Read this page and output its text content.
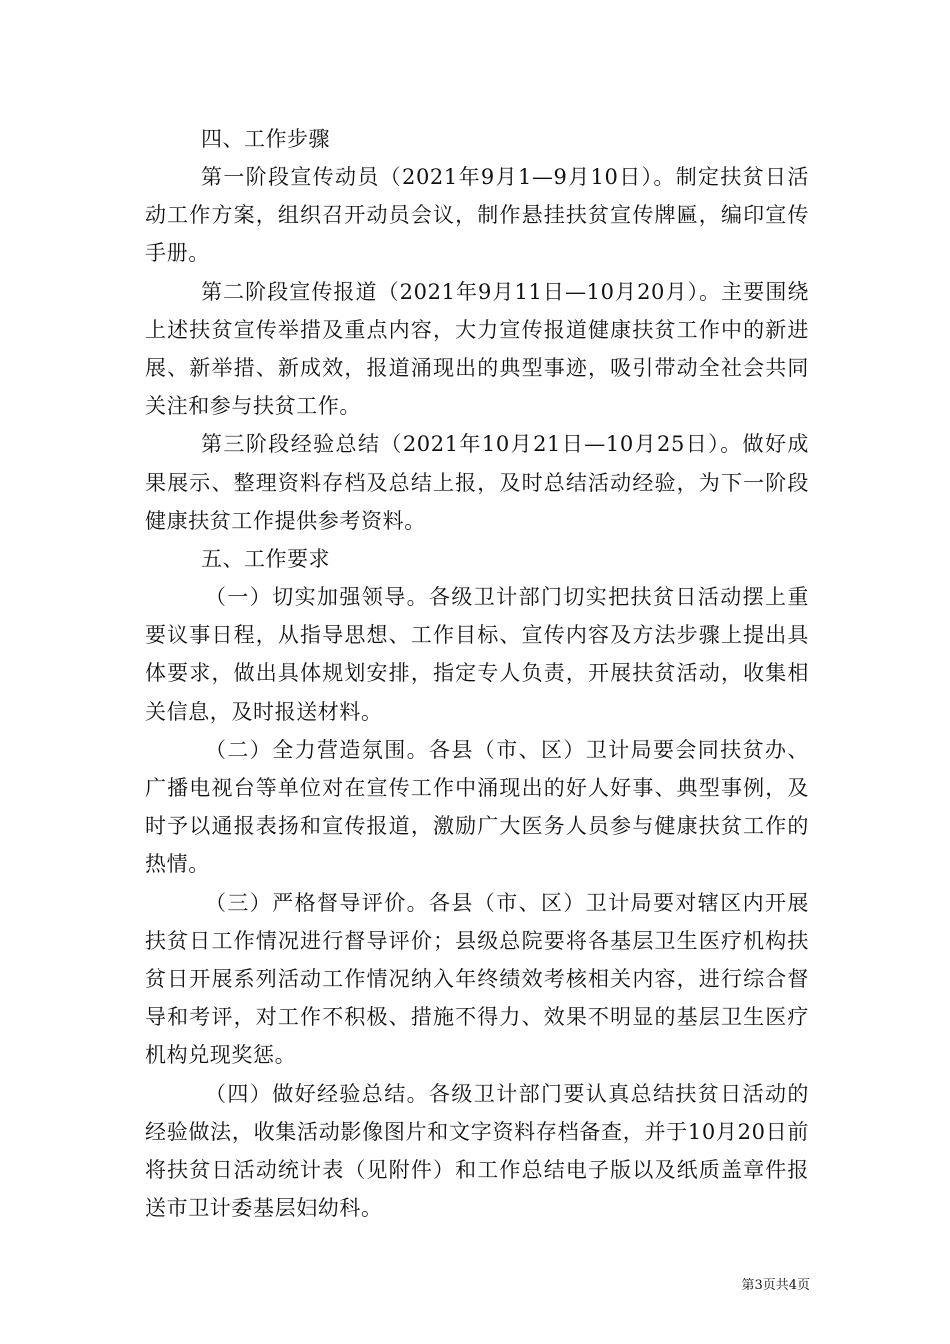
四、工作步骤

第一阶段宣传动员（2021年9月1—9月10日）。制定扶贫日活动工作方案，组织召开动员会议，制作悬挂扶贫宣传牌匾，编印宣传手册。

第二阶段宣传报道（2021年9月11日—10月20月）。主要围绕上述扶贫宣传举措及重点内容，大力宣传报道健康扶贫工作中的新进展、新举措、新成效，报道涌现出的典型事迹，吸引带动全社会共同关注和参与扶贫工作。

第三阶段经验总结（2021年10月21日—10月25日）。做好成果展示、整理资料存档及总结上报，及时总结活动经验，为下一阶段健康扶贫工作提供参考资料。

五、工作要求

（一）切实加强领导。各级卫计部门切实把扶贫日活动摆上重要议事日程，从指导思想、工作目标、宣传内容及方法步骤上提出具体要求，做出具体规划安排，指定专人负责，开展扶贫活动，收集相关信息，及时报送材料。

（二）全力营造氛围。各县（市、区）卫计局要会同扶贫办、广播电视台等单位对在宣传工作中涌现出的好人好事、典型事例，及时予以通报表扬和宣传报道，激励广大医务人员参与健康扶贫工作的热情。

（三）严格督导评价。各县（市、区）卫计局要对辖区内开展扶贫日工作情况进行督导评价；县级总院要将各基层卫生医疗机构扶贫日开展系列活动工作情况纳入年终绩效考核相关内容，进行综合督导和考评，对工作不积极、措施不得力、效果不明显的基层卫生医疗机构兑现奖惩。

（四）做好经验总结。各级卫计部门要认真总结扶贫日活动的经验做法，收集活动影像图片和文字资料存档备查，并于10月20日前将扶贫日活动统计表（见附件）和工作总结电子版以及纸质盖章件报送市卫计委基层妇幼科。

第3页共4页
